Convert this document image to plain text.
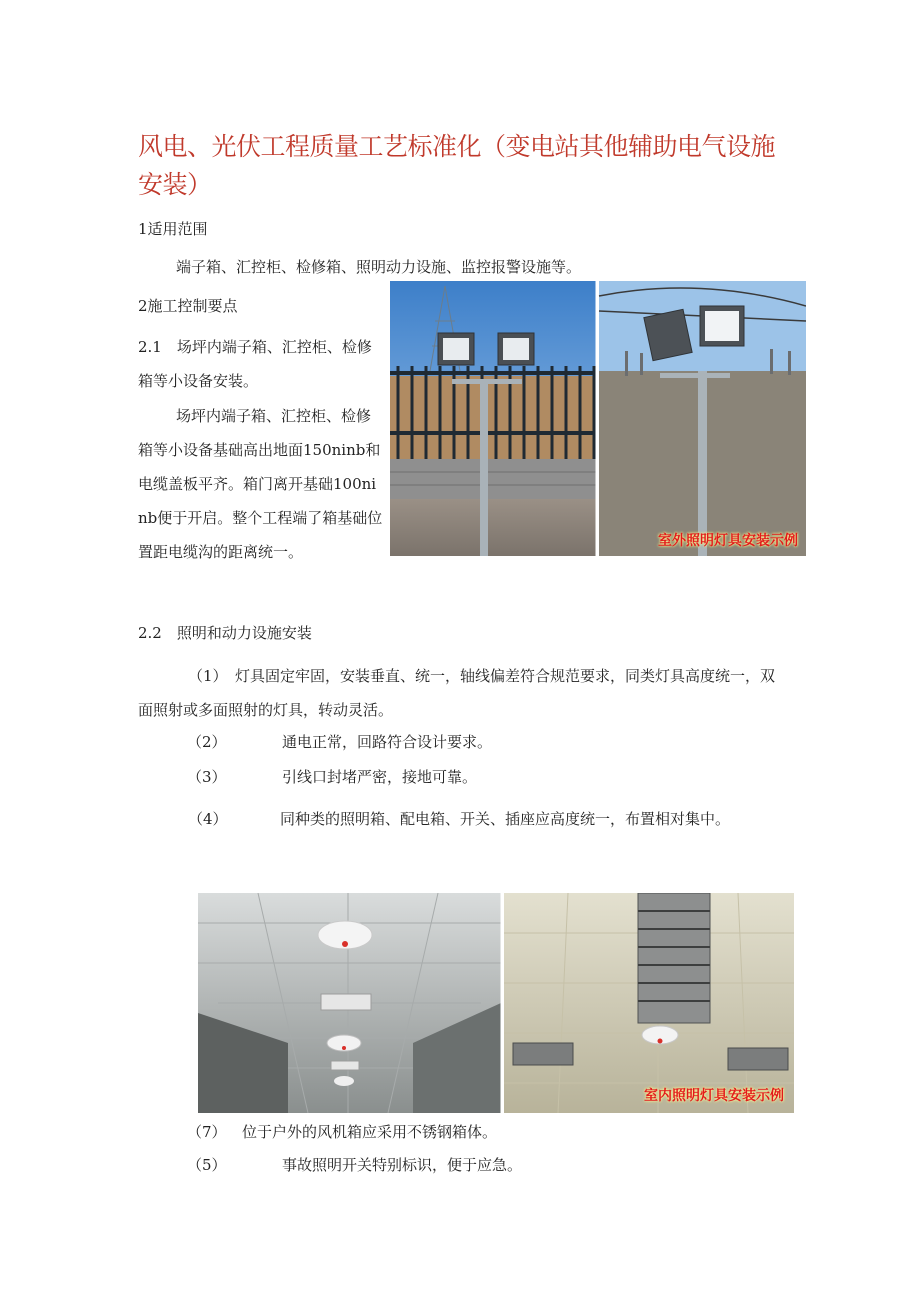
风电、光伏工程质量工艺标准化（变电站其他辅助电气设施安装）
1适用范围
端子箱、汇控柜、检修箱、照明动力设施、监控报警设施等。
2施工控制要点
2.1　场坪内端子箱、汇控柜、检修箱等小设备安装。
场坪内端子箱、汇控柜、检修箱等小设备基础高出地面150ninb和电缆盖板平齐。箱门离开基础100ninb便于开启。整个工程端了箱基础位置距电缆沟的距离统一。
室外照明灯具安装示例
2.2　照明和动力设施安装
（1）　灯具固定牢固，安装垂直、统一，轴线偏差符合规范要求，同类灯具高度统一，双面照射或多面照射的灯具，转动灵活。
（2）	通电正常，回路符合设计要求。
（3）	引线口封堵严密，接地可靠。
（4）　　　　同种类的照明箱、配电箱、开关、插座应高度统一，布置相对集中。
室内照明灯具安装示例
（7） 位于户外的风机箱应采用不锈钢箱体。
（5）	事故照明开关特别标识，便于应急。
